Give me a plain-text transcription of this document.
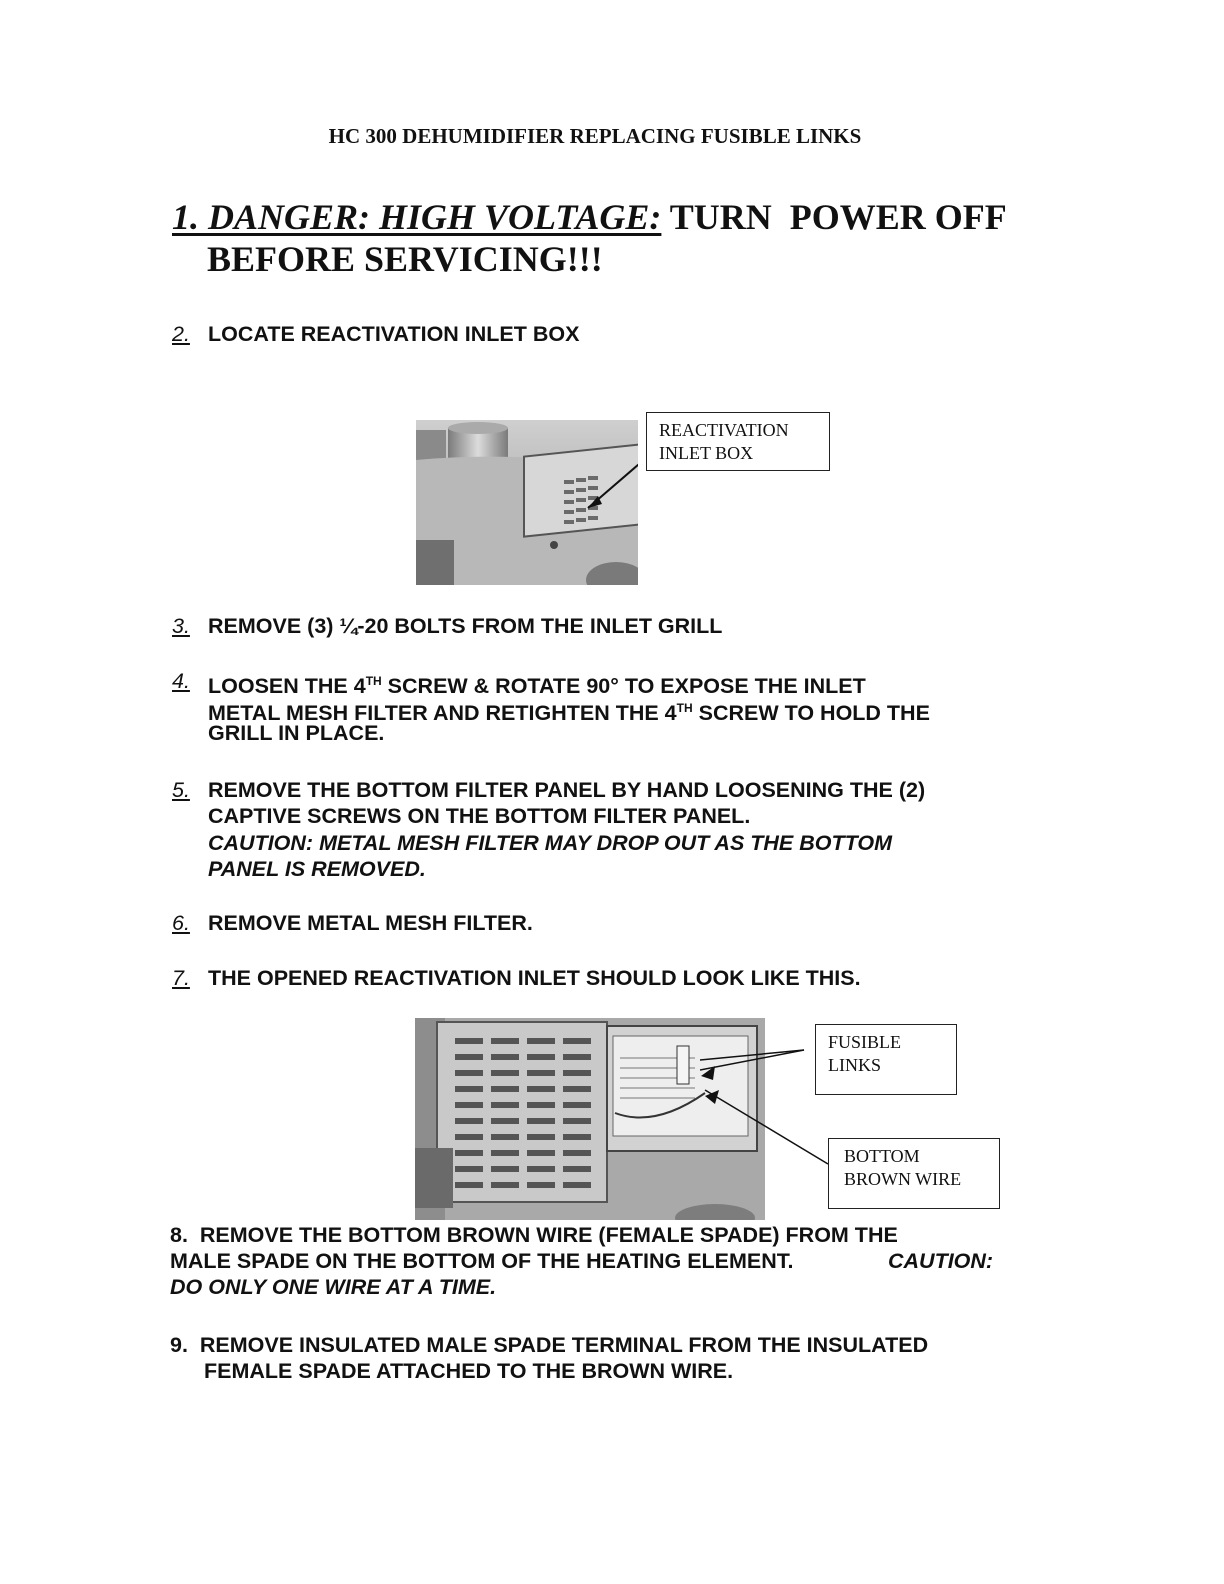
HC 300 DEHUMIDIFIER REPLACING FUSIBLE LINKS
1. DANGER: HIGH VOLTAGE: TURN  POWER OFF
BEFORE SERVICING!!!
2. LOCATE REACTIVATION INLET BOX
REACTIVATION
INLET BOX
3. REMOVE (3) ¼-20 BOLTS FROM THE INLET GRILL
4. LOOSEN THE 4TH SCREW & ROTATE 90° TO EXPOSE THE INLET
METAL MESH FILTER AND RETIGHTEN THE 4TH SCREW TO HOLD THE
GRILL IN PLACE.
5. REMOVE THE BOTTOM FILTER PANEL BY HAND LOOSENING THE (2)
CAPTIVE SCREWS ON THE BOTTOM FILTER PANEL.
CAUTION: METAL MESH FILTER MAY DROP OUT AS THE BOTTOM
PANEL IS REMOVED.
6. REMOVE METAL MESH FILTER.
7. THE OPENED REACTIVATION INLET SHOULD LOOK LIKE THIS.
FUSIBLE
LINKS
BOTTOM
BROWN WIRE
8.  REMOVE THE BOTTOM BROWN WIRE (FEMALE SPADE) FROM THE
MALE SPADE ON THE BOTTOM OF THE HEATING ELEMENT.	CAUTION:
DO ONLY ONE WIRE AT A TIME.
9.  REMOVE INSULATED MALE SPADE TERMINAL FROM THE INSULATED
FEMALE SPADE ATTACHED TO THE BROWN WIRE.
